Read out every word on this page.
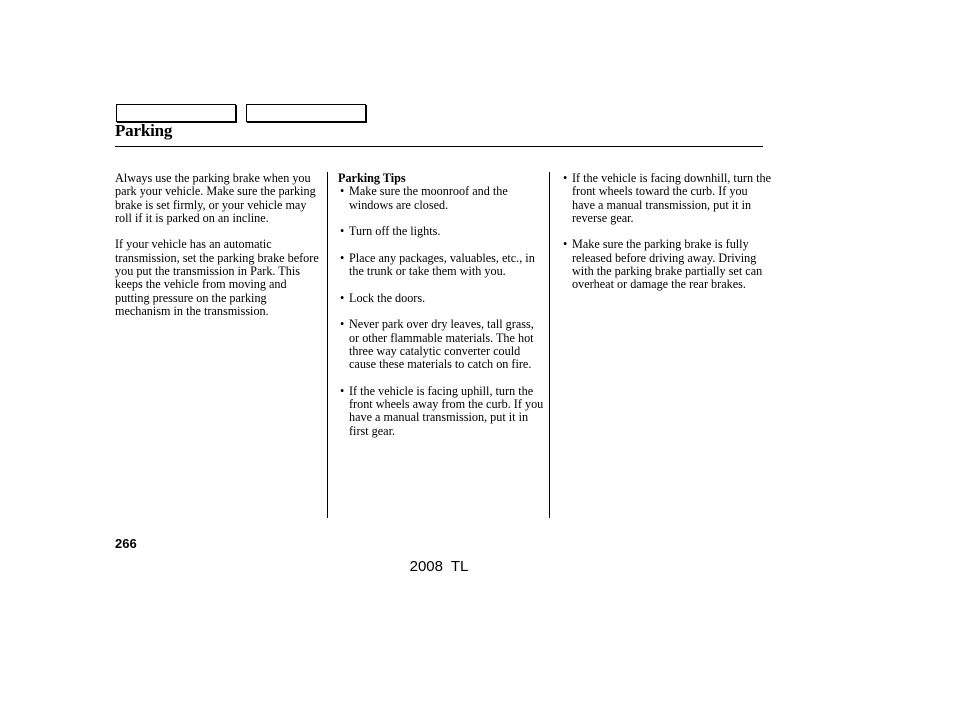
Parking

Always use the parking brake when you park your vehicle. Make sure the parking brake is set firmly, or your vehicle may roll if it is parked on an incline.

If your vehicle has an automatic transmission, set the parking brake before you put the transmission in Park. This keeps the vehicle from moving and putting pressure on the parking mechanism in the transmission.

Parking Tips
• Make sure the moonroof and the windows are closed.
• Turn off the lights.
• Place any packages, valuables, etc., in the trunk or take them with you.
• Lock the doors.
• Never park over dry leaves, tall grass, or other flammable materials. The hot three way catalytic converter could cause these materials to catch on fire.
• If the vehicle is facing uphill, turn the front wheels away from the curb. If you have a manual transmission, put it in first gear.
• If the vehicle is facing downhill, turn the front wheels toward the curb. If you have a manual transmission, put it in reverse gear.
• Make sure the parking brake is fully released before driving away. Driving with the parking brake partially set can overheat or damage the rear brakes.
266
2008 TL
